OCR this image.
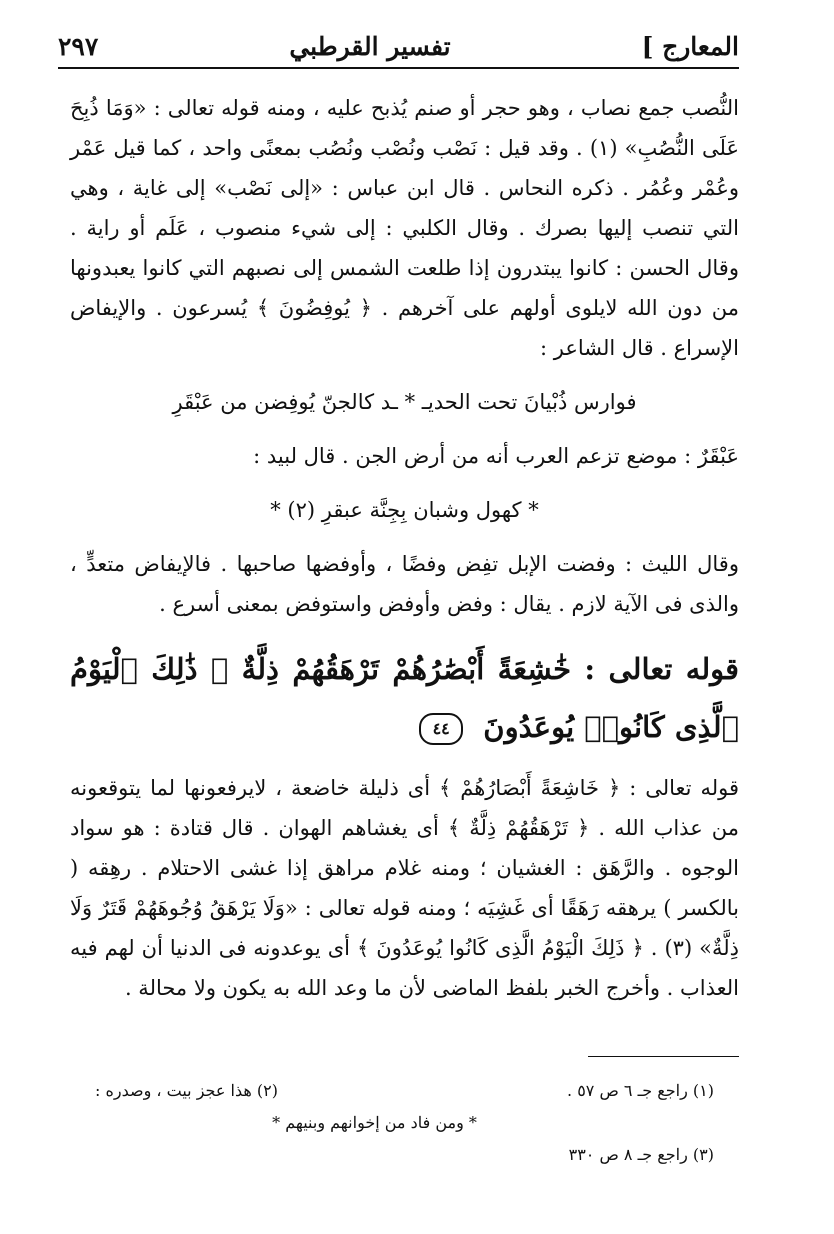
المعارج ]
تفسير القرطبي
٢٩٧

النُّصب جمع نصاب ، وهو حجر أو صنم يُذبح عليه ، ومنه قوله تعالى : «وَمَا ذُبِحَ عَلَى النُّصُبِ» (١) . وقد قيل : نَصْب ونُصْب ونُصُب بمعنًى واحد ، كما قيل عَمْر وعُمْر وعُمُر . ذكره النحاس . قال ابن عباس : «إلى نَصْب» إلى غاية ، وهي التي تنصب إليها بصرك . وقال الكلبي : إلى شيء منصوب ، عَلَم أو راية . وقال الحسن : كانوا يبتدرون إذا طلعت الشمس إلى نصبهم التي كانوا يعبدونها من دون الله لايلوى أولهم على آخرهم . ﴿ يُوفِضُونَ ﴾ يُسرعون . والإيفاض الإسراع . قال الشاعر :

فوارس ذُبْيانَ تحت الحديـ * ـد كالجنّ يُوفِضن من عَبْقَرِ

عَبْقَرٌ : موضع تزعم العرب أنه من أرض الجن . قال لبيد :

* كهول وشبان بِجِنَّة عبقرِ (٢) *

وقال الليث : وفضت الإبل تفِض وفضًا ، وأوفضها صاحبها . فالإيفاض متعدٍّ ، والذى فى الآية لازم . يقال : وفض وأوفض واستوفض بمعنى أسرع .

قوله تعالى : خَٰشِعَةً أَبْصَٰرُهُمْ تَرْهَقُهُمْ ذِلَّةٌ ۚ ذَٰلِكَ ٱلْيَوْمُ ٱلَّذِى كَانُوا۟ يُوعَدُونَ ٤٤

قوله تعالى : ﴿ خَاشِعَةً أَبْصَارُهُمْ ﴾ أى ذليلة خاضعة ، لايرفعونها لما يتوقعونه من عذاب الله . ﴿ تَرْهَقُهُمْ ذِلَّةٌ ﴾ أى يغشاهم الهوان . قال قتادة : هو سواد الوجوه . والرَّهَق : الغشيان ؛ ومنه غلام مراهق إذا غشى الاحتلام . رهِقه ( بالكسر ) يرهقه رَهَقًا أى غَشِيَه ؛ ومنه قوله تعالى : «وَلَا يَرْهَقُ وُجُوهَهُمْ قَتَرٌ وَلَا ذِلَّةٌ» (٣) . ﴿ ذَلِكَ الْيَوْمُ الَّذِى كَانُوا يُوعَدُونَ ﴾ أى يوعدونه فى الدنيا أن لهم فيه العذاب . وأخرج الخبر بلفظ الماضى لأن ما وعد الله به يكون ولا محالة .

(١) راجع جـ ٦ ص ٥٧ .
(٢) هذا عجز بيت ، وصدره :
* ومن فاد من إخوانهم وبنيهم *
(٣) راجع جـ ٨ ص ٣٣٠
